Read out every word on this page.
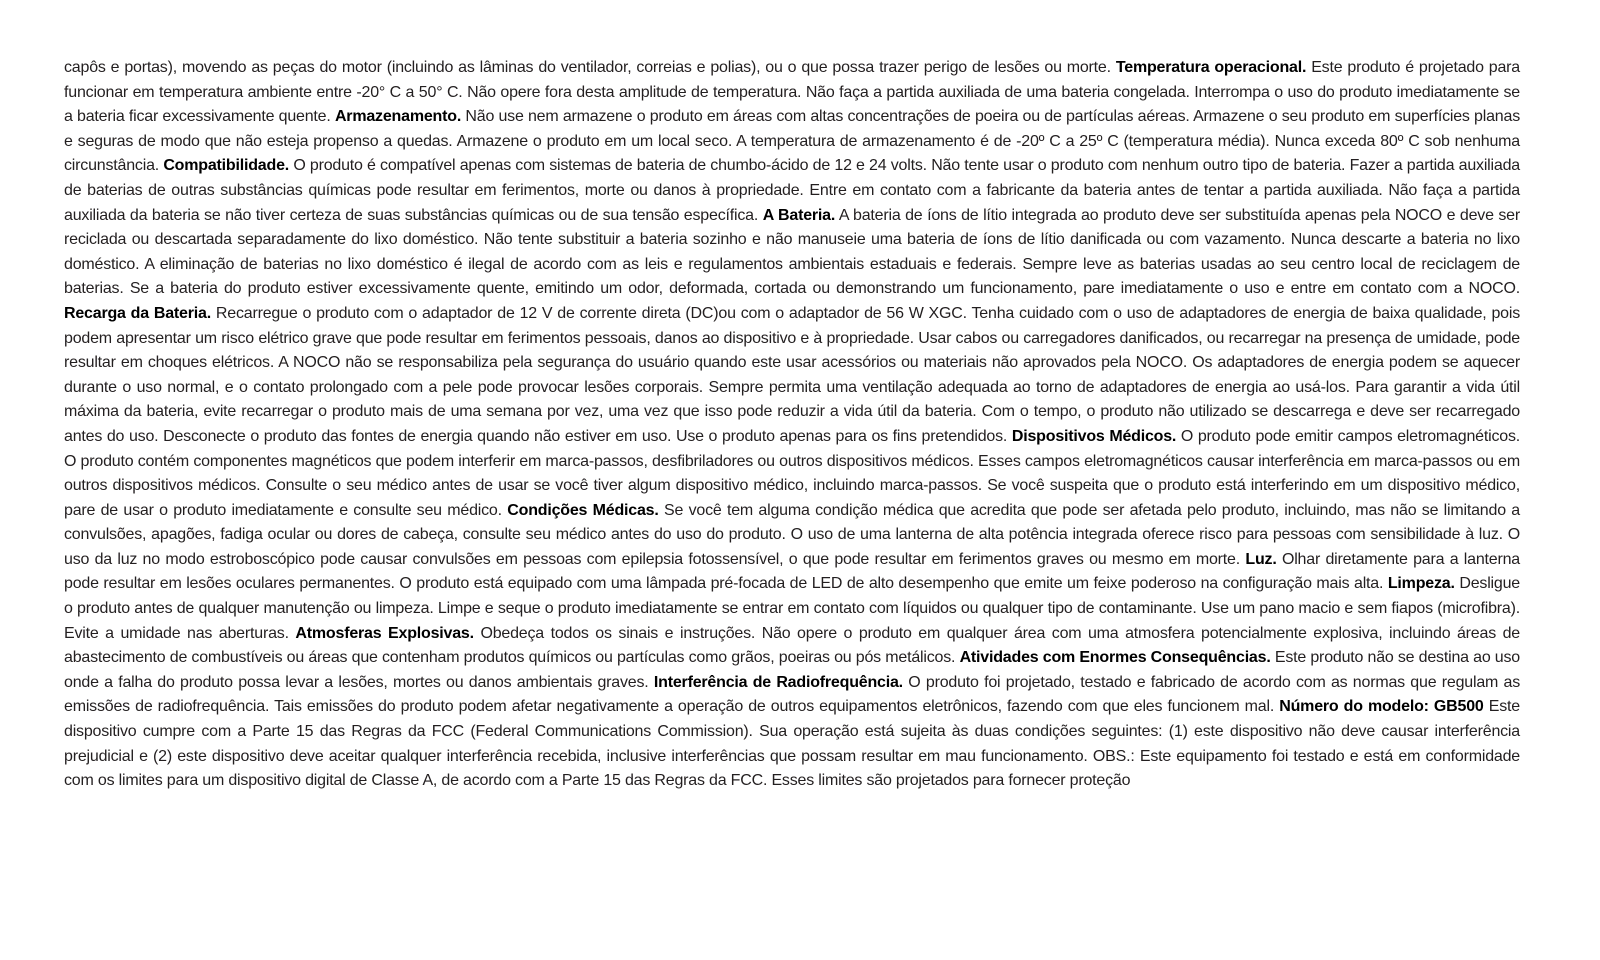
capôs e portas), movendo as peças do motor (incluindo as lâminas do ventilador, correias e polias), ou o que possa trazer perigo de lesões ou morte. Temperatura operacional. Este produto é projetado para funcionar em temperatura ambiente entre -20° C a 50° C. Não opere fora desta amplitude de temperatura. Não faça a partida auxiliada de uma bateria congelada. Interrompa o uso do produto imediatamente se a bateria ficar excessivamente quente. Armazenamento. Não use nem armazene o produto em áreas com altas concentrações de poeira ou de partículas aéreas. Armazene o seu produto em superfícies planas e seguras de modo que não esteja propenso a quedas. Armazene o produto em um local seco. A temperatura de armazenamento é de -20º C a 25º C (temperatura média). Nunca exceda 80º C sob nenhuma circunstância. Compatibilidade. O produto é compatível apenas com sistemas de bateria de chumbo-ácido de 12 e 24 volts. Não tente usar o produto com nenhum outro tipo de bateria. Fazer a partida auxiliada de baterias de outras substâncias químicas pode resultar em ferimentos, morte ou danos à propriedade. Entre em contato com a fabricante da bateria antes de tentar a partida auxiliada. Não faça a partida auxiliada da bateria se não tiver certeza de suas substâncias químicas ou de sua tensão específica. A Bateria. A bateria de íons de lítio integrada ao produto deve ser substituída apenas pela NOCO e deve ser reciclada ou descartada separadamente do lixo doméstico. Não tente substituir a bateria sozinho e não manuseie uma bateria de íons de lítio danificada ou com vazamento. Nunca descarte a bateria no lixo doméstico. A eliminação de baterias no lixo doméstico é ilegal de acordo com as leis e regulamentos ambientais estaduais e federais. Sempre leve as baterias usadas ao seu centro local de reciclagem de baterias. Se a bateria do produto estiver excessivamente quente, emitindo um odor, deformada, cortada ou demonstrando um funcionamento, pare imediatamente o uso e entre em contato com a NOCO. Recarga da Bateria. Recarregue o produto com o adaptador de 12 V de corrente direta (DC)ou com o adaptador de 56 W XGC. Tenha cuidado com o uso de adaptadores de energia de baixa qualidade, pois podem apresentar um risco elétrico grave que pode resultar em ferimentos pessoais, danos ao dispositivo e à propriedade. Usar cabos ou carregadores danificados, ou recarregar na presença de umidade, pode resultar em choques elétricos. A NOCO não se responsabiliza pela segurança do usuário quando este usar acessórios ou materiais não aprovados pela NOCO. Os adaptadores de energia podem se aquecer durante o uso normal, e o contato prolongado com a pele pode provocar lesões corporais. Sempre permita uma ventilação adequada ao torno de adaptadores de energia ao usá-los. Para garantir a vida útil máxima da bateria, evite recarregar o produto mais de uma semana por vez, uma vez que isso pode reduzir a vida útil da bateria. Com o tempo, o produto não utilizado se descarrega e deve ser recarregado antes do uso. Desconecte o produto das fontes de energia quando não estiver em uso. Use o produto apenas para os fins pretendidos. Dispositivos Médicos. O produto pode emitir campos eletromagnéticos. O produto contém componentes magnéticos que podem interferir em marca-passos, desfibriladores ou outros dispositivos médicos. Esses campos eletromagnéticos causar interferência em marca-passos ou em outros dispositivos médicos. Consulte o seu médico antes de usar se você tiver algum dispositivo médico, incluindo marca-passos. Se você suspeita que o produto está interferindo em um dispositivo médico, pare de usar o produto imediatamente e consulte seu médico. Condições Médicas. Se você tem alguma condição médica que acredita que pode ser afetada pelo produto, incluindo, mas não se limitando a convulsões, apagões, fadiga ocular ou dores de cabeça, consulte seu médico antes do uso do produto. O uso de uma lanterna de alta potência integrada oferece risco para pessoas com sensibilidade à luz. O uso da luz no modo estroboscópico pode causar convulsões em pessoas com epilepsia fotossensível, o que pode resultar em ferimentos graves ou mesmo em morte. Luz. Olhar diretamente para a lanterna pode resultar em lesões oculares permanentes. O produto está equipado com uma lâmpada pré-focada de LED de alto desempenho que emite um feixe poderoso na configuração mais alta. Limpeza. Desligue o produto antes de qualquer manutenção ou limpeza. Limpe e seque o produto imediatamente se entrar em contato com líquidos ou qualquer tipo de contaminante. Use um pano macio e sem fiapos (microfibra). Evite a umidade nas aberturas. Atmosferas Explosivas. Obedeça todos os sinais e instruções. Não opere o produto em qualquer área com uma atmosfera potencialmente explosiva, incluindo áreas de abastecimento de combustíveis ou áreas que contenham produtos químicos ou partículas como grãos, poeiras ou pós metálicos. Atividades com Enormes Consequências. Este produto não se destina ao uso onde a falha do produto possa levar a lesões, mortes ou danos ambientais graves. Interferência de Radiofrequência. O produto foi projetado, testado e fabricado de acordo com as normas que regulam as emissões de radiofrequência. Tais emissões do produto podem afetar negativamente a operação de outros equipamentos eletrônicos, fazendo com que eles funcionem mal. Número do modelo: GB500 Este dispositivo cumpre com a Parte 15 das Regras da FCC (Federal Communications Commission). Sua operação está sujeita às duas condições seguintes: (1) este dispositivo não deve causar interferência prejudicial e (2) este dispositivo deve aceitar qualquer interferência recebida, inclusive interferências que possam resultar em mau funcionamento. OBS.: Este equipamento foi testado e está em conformidade com os limites para um dispositivo digital de Classe A, de acordo com a Parte 15 das Regras da FCC. Esses limites são projetados para fornecer proteção
